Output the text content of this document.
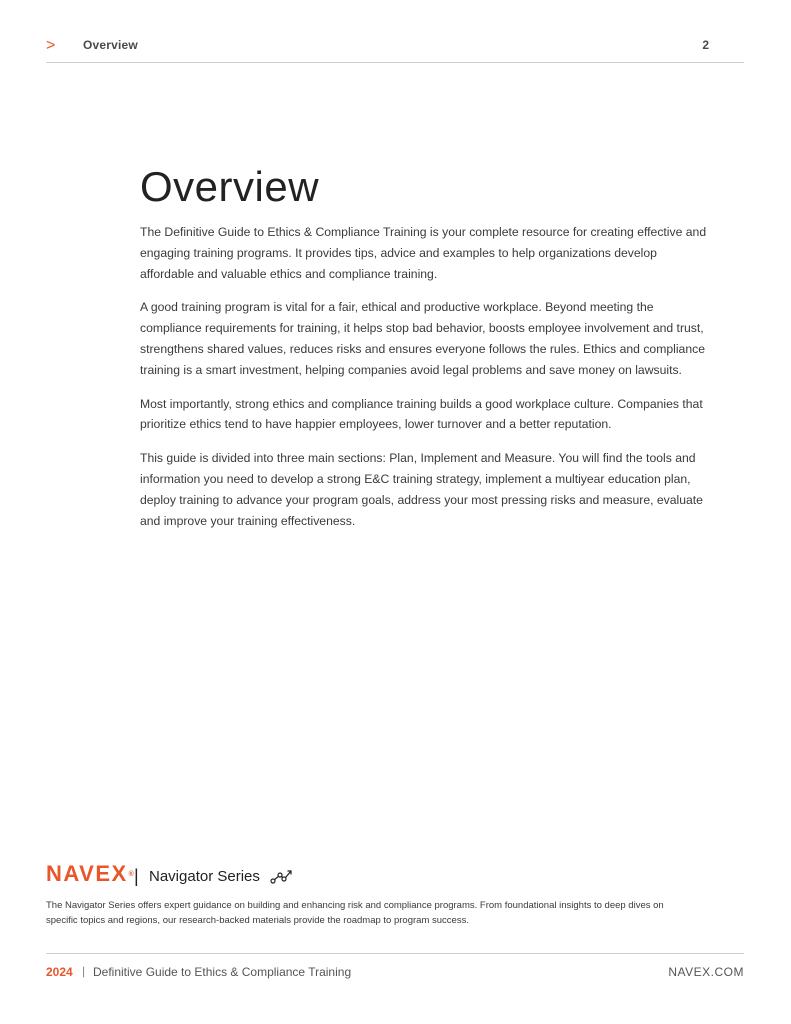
> Overview	2
Overview

The Definitive Guide to Ethics & Compliance Training is your complete resource for creating effective and engaging training programs. It provides tips, advice and examples to help organizations develop affordable and valuable ethics and compliance training.

A good training program is vital for a fair, ethical and productive workplace. Beyond meeting the compliance requirements for training, it helps stop bad behavior, boosts employee involvement and trust, strengthens shared values, reduces risks and ensures everyone follows the rules. Ethics and compliance training is a smart investment, helping companies avoid legal problems and save money on lawsuits.

Most importantly, strong ethics and compliance training builds a good workplace culture. Companies that prioritize ethics tend to have happier employees, lower turnover and a better reputation.

This guide is divided into three main sections: Plan, Implement and Measure. You will find the tools and information you need to develop a strong E&C training strategy, implement a multiyear education plan, deploy training to advance your program goals, address your most pressing risks and measure, evaluate and improve your training effectiveness.

NAVEX®
| Navigator Series

The Navigator Series offers expert guidance on building and enhancing risk and compliance programs. From foundational insights to deep dives on specific topics and regions, our research-backed materials provide the roadmap to program success.

2024 | Definitive Guide to Ethics & Compliance Training	NAVEX.COM
